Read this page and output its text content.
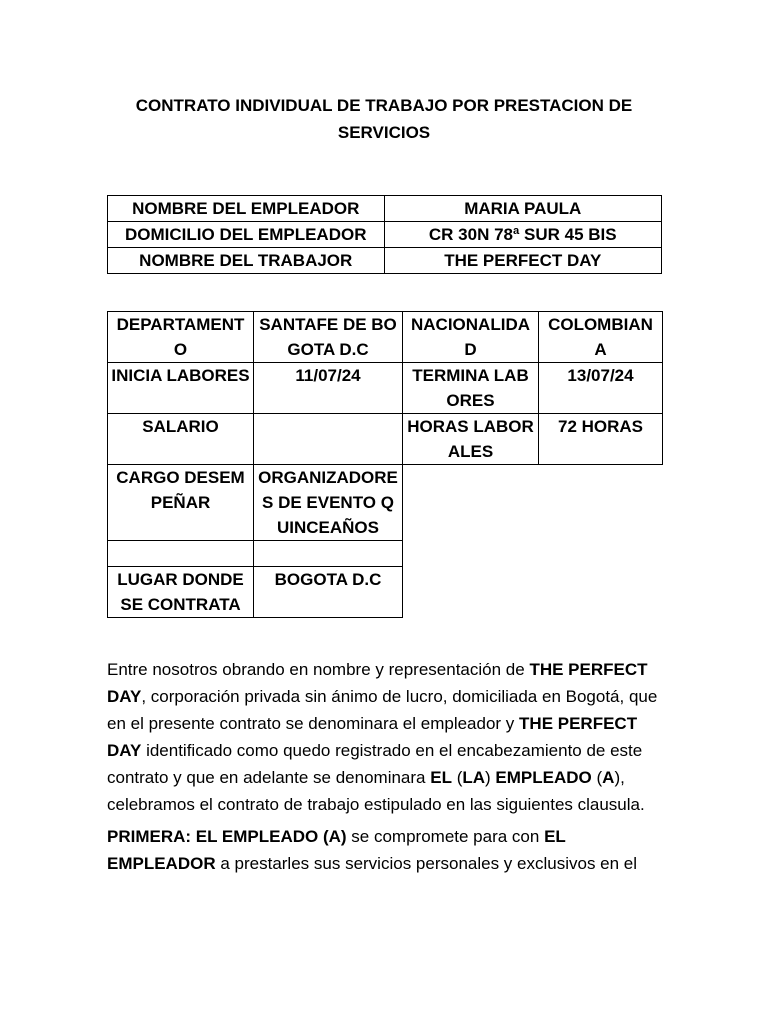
CONTRATO INDIVIDUAL DE TRABAJO POR PRESTACION DE
SERVICIOS
NOMBRE DEL EMPLEADOR	MARIA PAULA
DOMICILIO DEL EMPLEADOR	CR 30N 78ª SUR 45 BIS
NOMBRE DEL TRABAJOR	THE PERFECT DAY
DEPARTAMENTO	SANTAFE DE BOGOTA D.C	NACIONALIDAD	COLOMBIANA
INICIA LABORES	11/07/24	TERMINA LABORES	13/07/24
SALARIO		HORAS LABORALES	72 HORAS
CARGO DESEMPEÑAR	ORGANIZADORES DE EVENTO QUINCEAÑOS		

LUGAR DONDE SE CONTRATA	BOGOTA D.C		

Entre nosotros obrando en nombre y representación de THE PERFECT DAY, corporación privada sin ánimo de lucro, domiciliada en Bogotá, que en el presente contrato se denominara el empleador y THE PERFECT DAY identificado como quedo registrado en el encabezamiento de este contrato y que en adelante se denominara EL (LA) EMPLEADO (A), celebramos el contrato de trabajo estipulado en las siguientes clausula.

PRIMERA: EL EMPLEADO (A) se compromete para con EL EMPLEADOR a prestarles sus servicios personales y exclusivos en el
